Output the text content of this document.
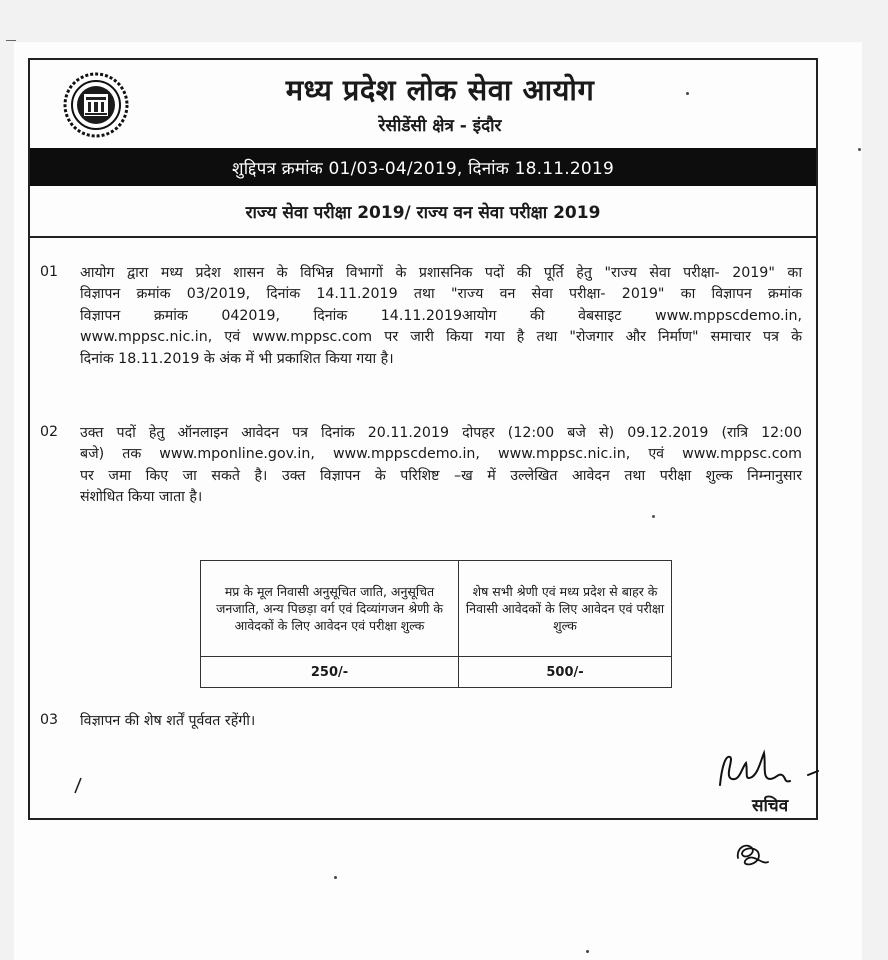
मध्य प्रदेश लोक सेवा आयोग
रेसीडेंसी क्षेत्र - इंदौर
शुद्दिपत्र क्रमांक 01/03-04/2019, दिनांक 18.11.2019
राज्य सेवा परीक्षा 2019/ राज्य वन सेवा परीक्षा 2019
01 आयोग द्वारा मध्य प्रदेश शासन के विभिन्न विभागों के प्रशासनिक पदों की पूर्ति हेतु "राज्य सेवा परीक्षा- 2019" का

विज्ञापन क्रमांक 03/2019, दिनांक 14.11.2019 तथा "राज्य वन सेवा परीक्षा- 2019" का विज्ञापन क्रमांक

विज्ञापन क्रमांक 042019, दिनांक 14.11.2019आयोग की वेबसाइट www.mppscdemo.in,

www.mppsc.nic.in, एवं www.mppsc.com पर जारी किया गया है तथा "रोजगार और निर्माण" समाचार पत्र के

दिनांक 18.11.2019 के अंक में भी प्रकाशित किया गया है।

02 उक्त पदों हेतु ऑनलाइन आवेदन पत्र दिनांक 20.11.2019 दोपहर (12:00 बजे से) 09.12.2019 (रात्रि 12:00

बजे) तक www.mponline.gov.in, www.mppscdemo.in, www.mppsc.nic.in, एवं www.mppsc.com

पर जमा किए जा सकते है। उक्त विज्ञापन के परिशिष्ट –ख में उल्लेखित आवेदन तथा परीक्षा शुल्क निम्नानुसार

संशोधित किया जाता है।

मप्र के मूल निवासी अनुसूचित जाति, अनुसूचित जनजाति, अन्य पिछड़ा वर्ग एवं दिव्यांगजन श्रेणी के आवेदकों के लिए आवेदन एवं परीक्षा शुल्क
शेष सभी श्रेणी एवं मध्य प्रदेश से बाहर के निवासी आवेदकों के लिए आवेदन एवं परीक्षा शुल्क
250/-	500/-
03 विज्ञापन की शेष शर्तें पूर्ववत रहेंगी।

सचिव
